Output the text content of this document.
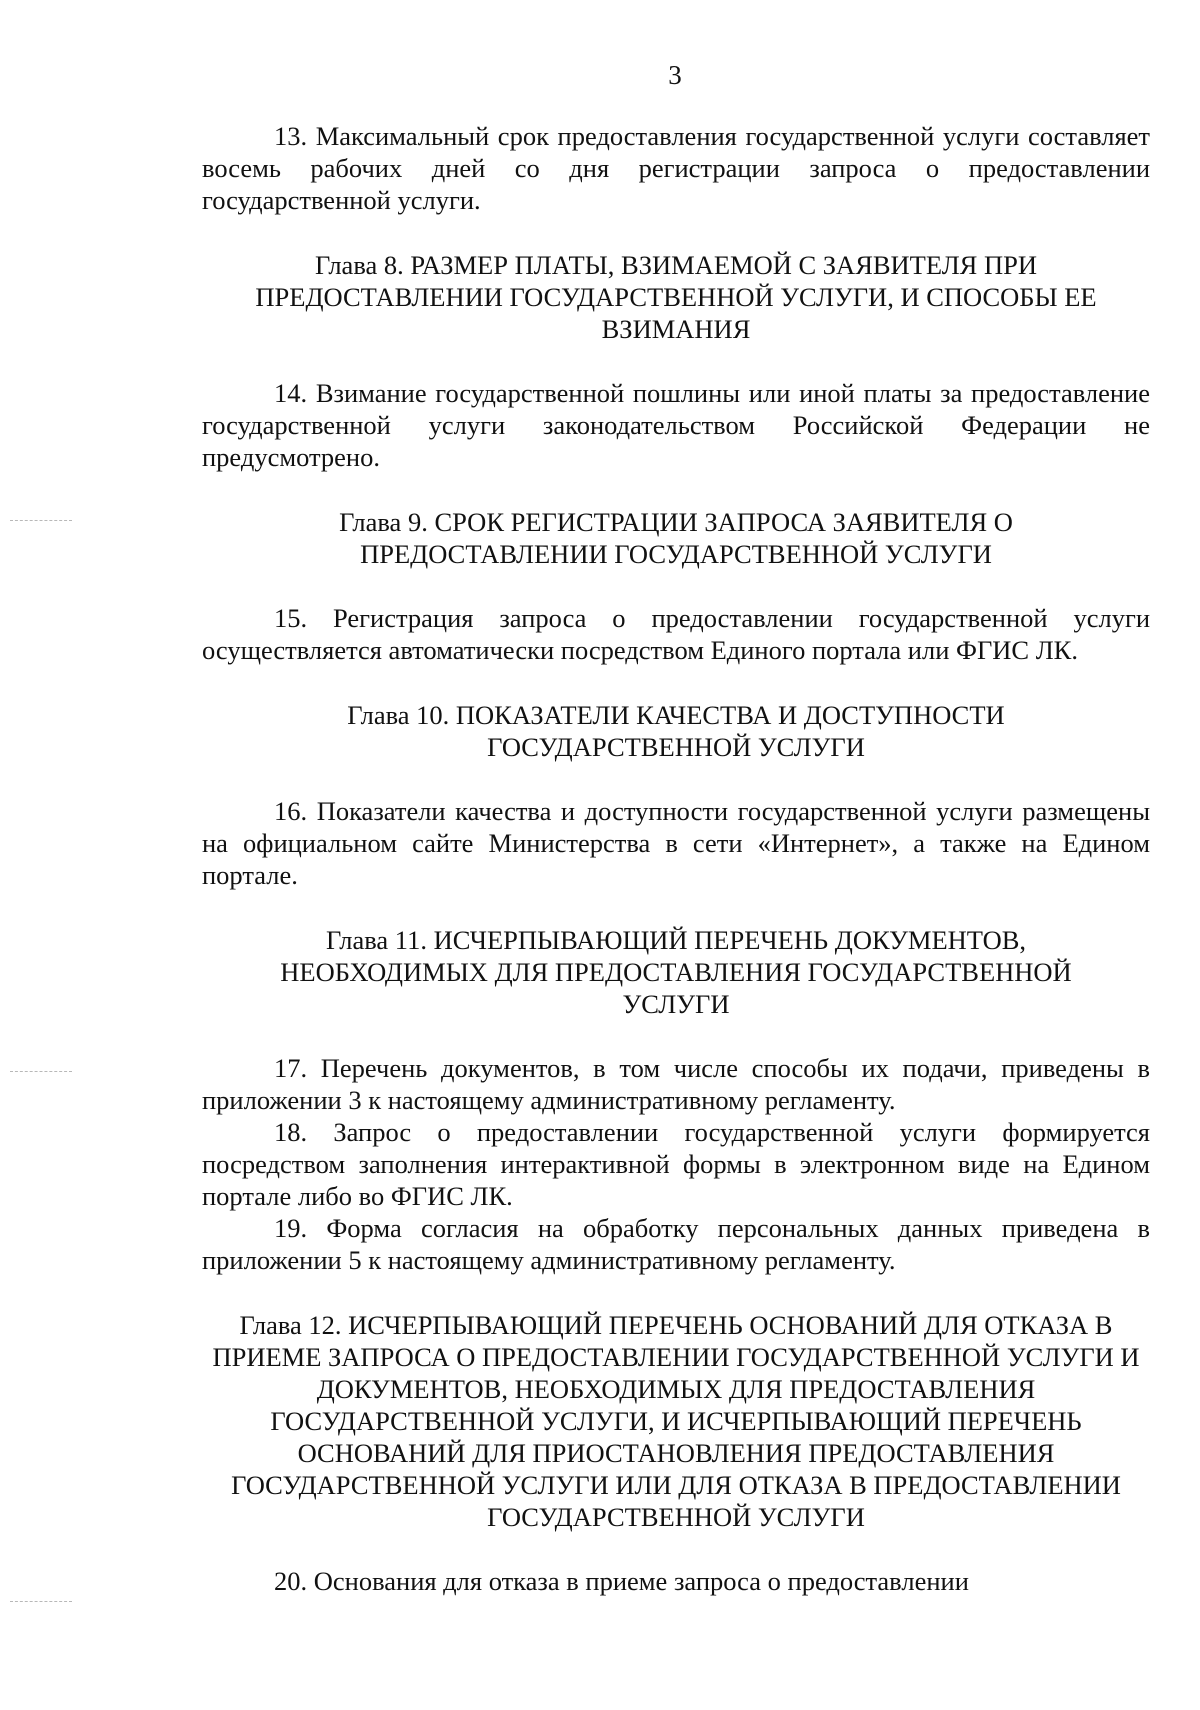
3

13. Максимальный срок предоставления государственной услуги составляет восемь рабочих дней со дня регистрации запроса о предоставлении государственной услуги.

Глава 8. РАЗМЕР ПЛАТЫ, ВЗИМАЕМОЙ С ЗАЯВИТЕЛЯ ПРИ ПРЕДОСТАВЛЕНИИ ГОСУДАРСТВЕННОЙ УСЛУГИ, И СПОСОБЫ ЕЕ ВЗИМАНИЯ

14. Взимание государственной пошлины или иной платы за предоставление государственной услуги законодательством Российской Федерации не предусмотрено.

Глава 9. СРОК РЕГИСТРАЦИИ ЗАПРОСА ЗАЯВИТЕЛЯ О ПРЕДОСТАВЛЕНИИ ГОСУДАРСТВЕННОЙ УСЛУГИ

15. Регистрация запроса о предоставлении государственной услуги осуществляется автоматически посредством Единого портала или ФГИС ЛК.

Глава 10. ПОКАЗАТЕЛИ КАЧЕСТВА И ДОСТУПНОСТИ ГОСУДАРСТВЕННОЙ УСЛУГИ

16. Показатели качества и доступности государственной услуги размещены на официальном сайте Министерства в сети «Интернет», а также на Едином портале.

Глава 11. ИСЧЕРПЫВАЮЩИЙ ПЕРЕЧЕНЬ ДОКУМЕНТОВ, НЕОБХОДИМЫХ ДЛЯ ПРЕДОСТАВЛЕНИЯ ГОСУДАРСТВЕННОЙ УСЛУГИ

17. Перечень документов, в том числе способы их подачи, приведены в приложении 3 к настоящему административному регламенту.

18. Запрос о предоставлении государственной услуги формируется посредством заполнения интерактивной формы в электронном виде на Едином портале либо во ФГИС ЛК.

19. Форма согласия на обработку персональных данных приведена в приложении 5 к настоящему административному регламенту.

Глава 12. ИСЧЕРПЫВАЮЩИЙ ПЕРЕЧЕНЬ ОСНОВАНИЙ ДЛЯ ОТКАЗА В ПРИЕМЕ ЗАПРОСА О ПРЕДОСТАВЛЕНИИ ГОСУДАРСТВЕННОЙ УСЛУГИ И ДОКУМЕНТОВ, НЕОБХОДИМЫХ ДЛЯ ПРЕДОСТАВЛЕНИЯ ГОСУДАРСТВЕННОЙ УСЛУГИ, И ИСЧЕРПЫВАЮЩИЙ ПЕРЕЧЕНЬ ОСНОВАНИЙ ДЛЯ ПРИОСТАНОВЛЕНИЯ ПРЕДОСТАВЛЕНИЯ ГОСУДАРСТВЕННОЙ УСЛУГИ ИЛИ ДЛЯ ОТКАЗА В ПРЕДОСТАВЛЕНИИ ГОСУДАРСТВЕННОЙ УСЛУГИ

20. Основания для отказа в приеме запроса о предоставлении
